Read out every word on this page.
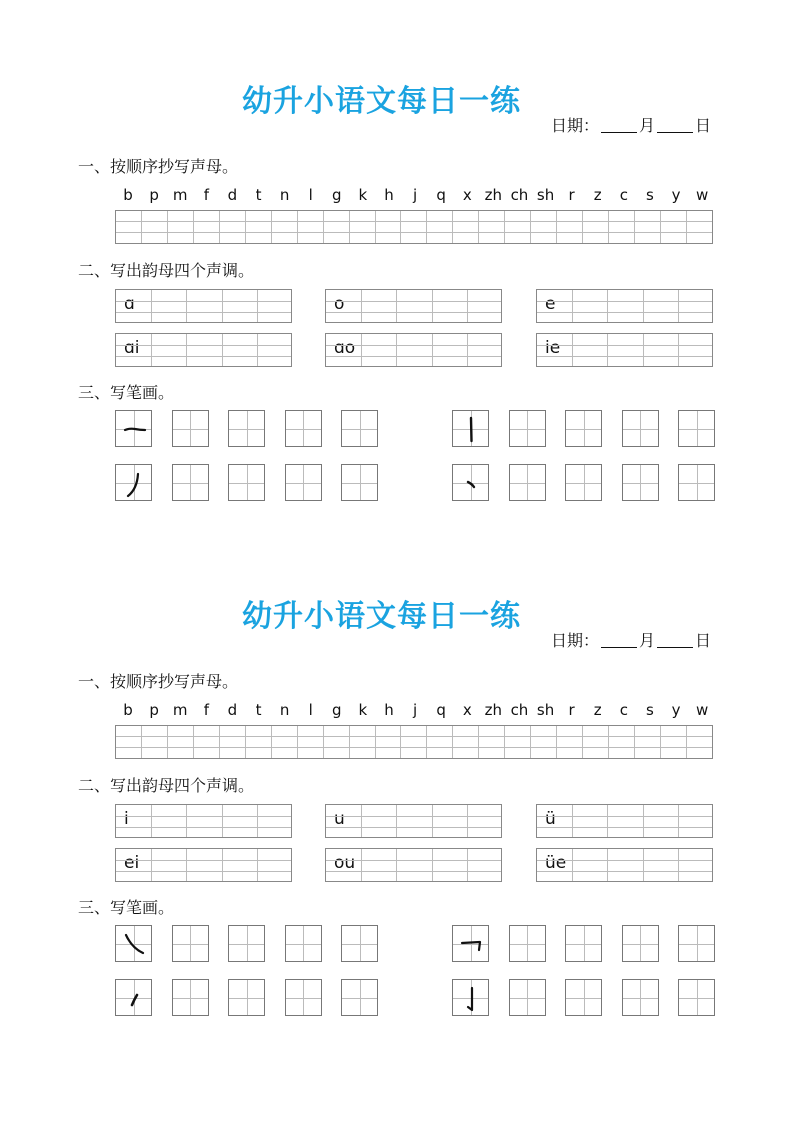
幼升小语文每日一练
日期：	月	日
一、按顺序抄写声母。
b	p m	f	d	t	n	l	g	k	h	j	q	x zh ch sh r	z	c	s	y	w
二、写出韵母四个声调。
ɑ	o	e
ɑi	ɑo	ie
三、写笔画。
幼升小语文每日一练
日期：	月	日
一、按顺序抄写声母。
b	p m	f	d	t	n	l	g	k	h	j	q	x zh ch sh r	z	c	s	y	w
二、写出韵母四个声调。
i	u	ü
ei	ou	üe
三、写笔画。
